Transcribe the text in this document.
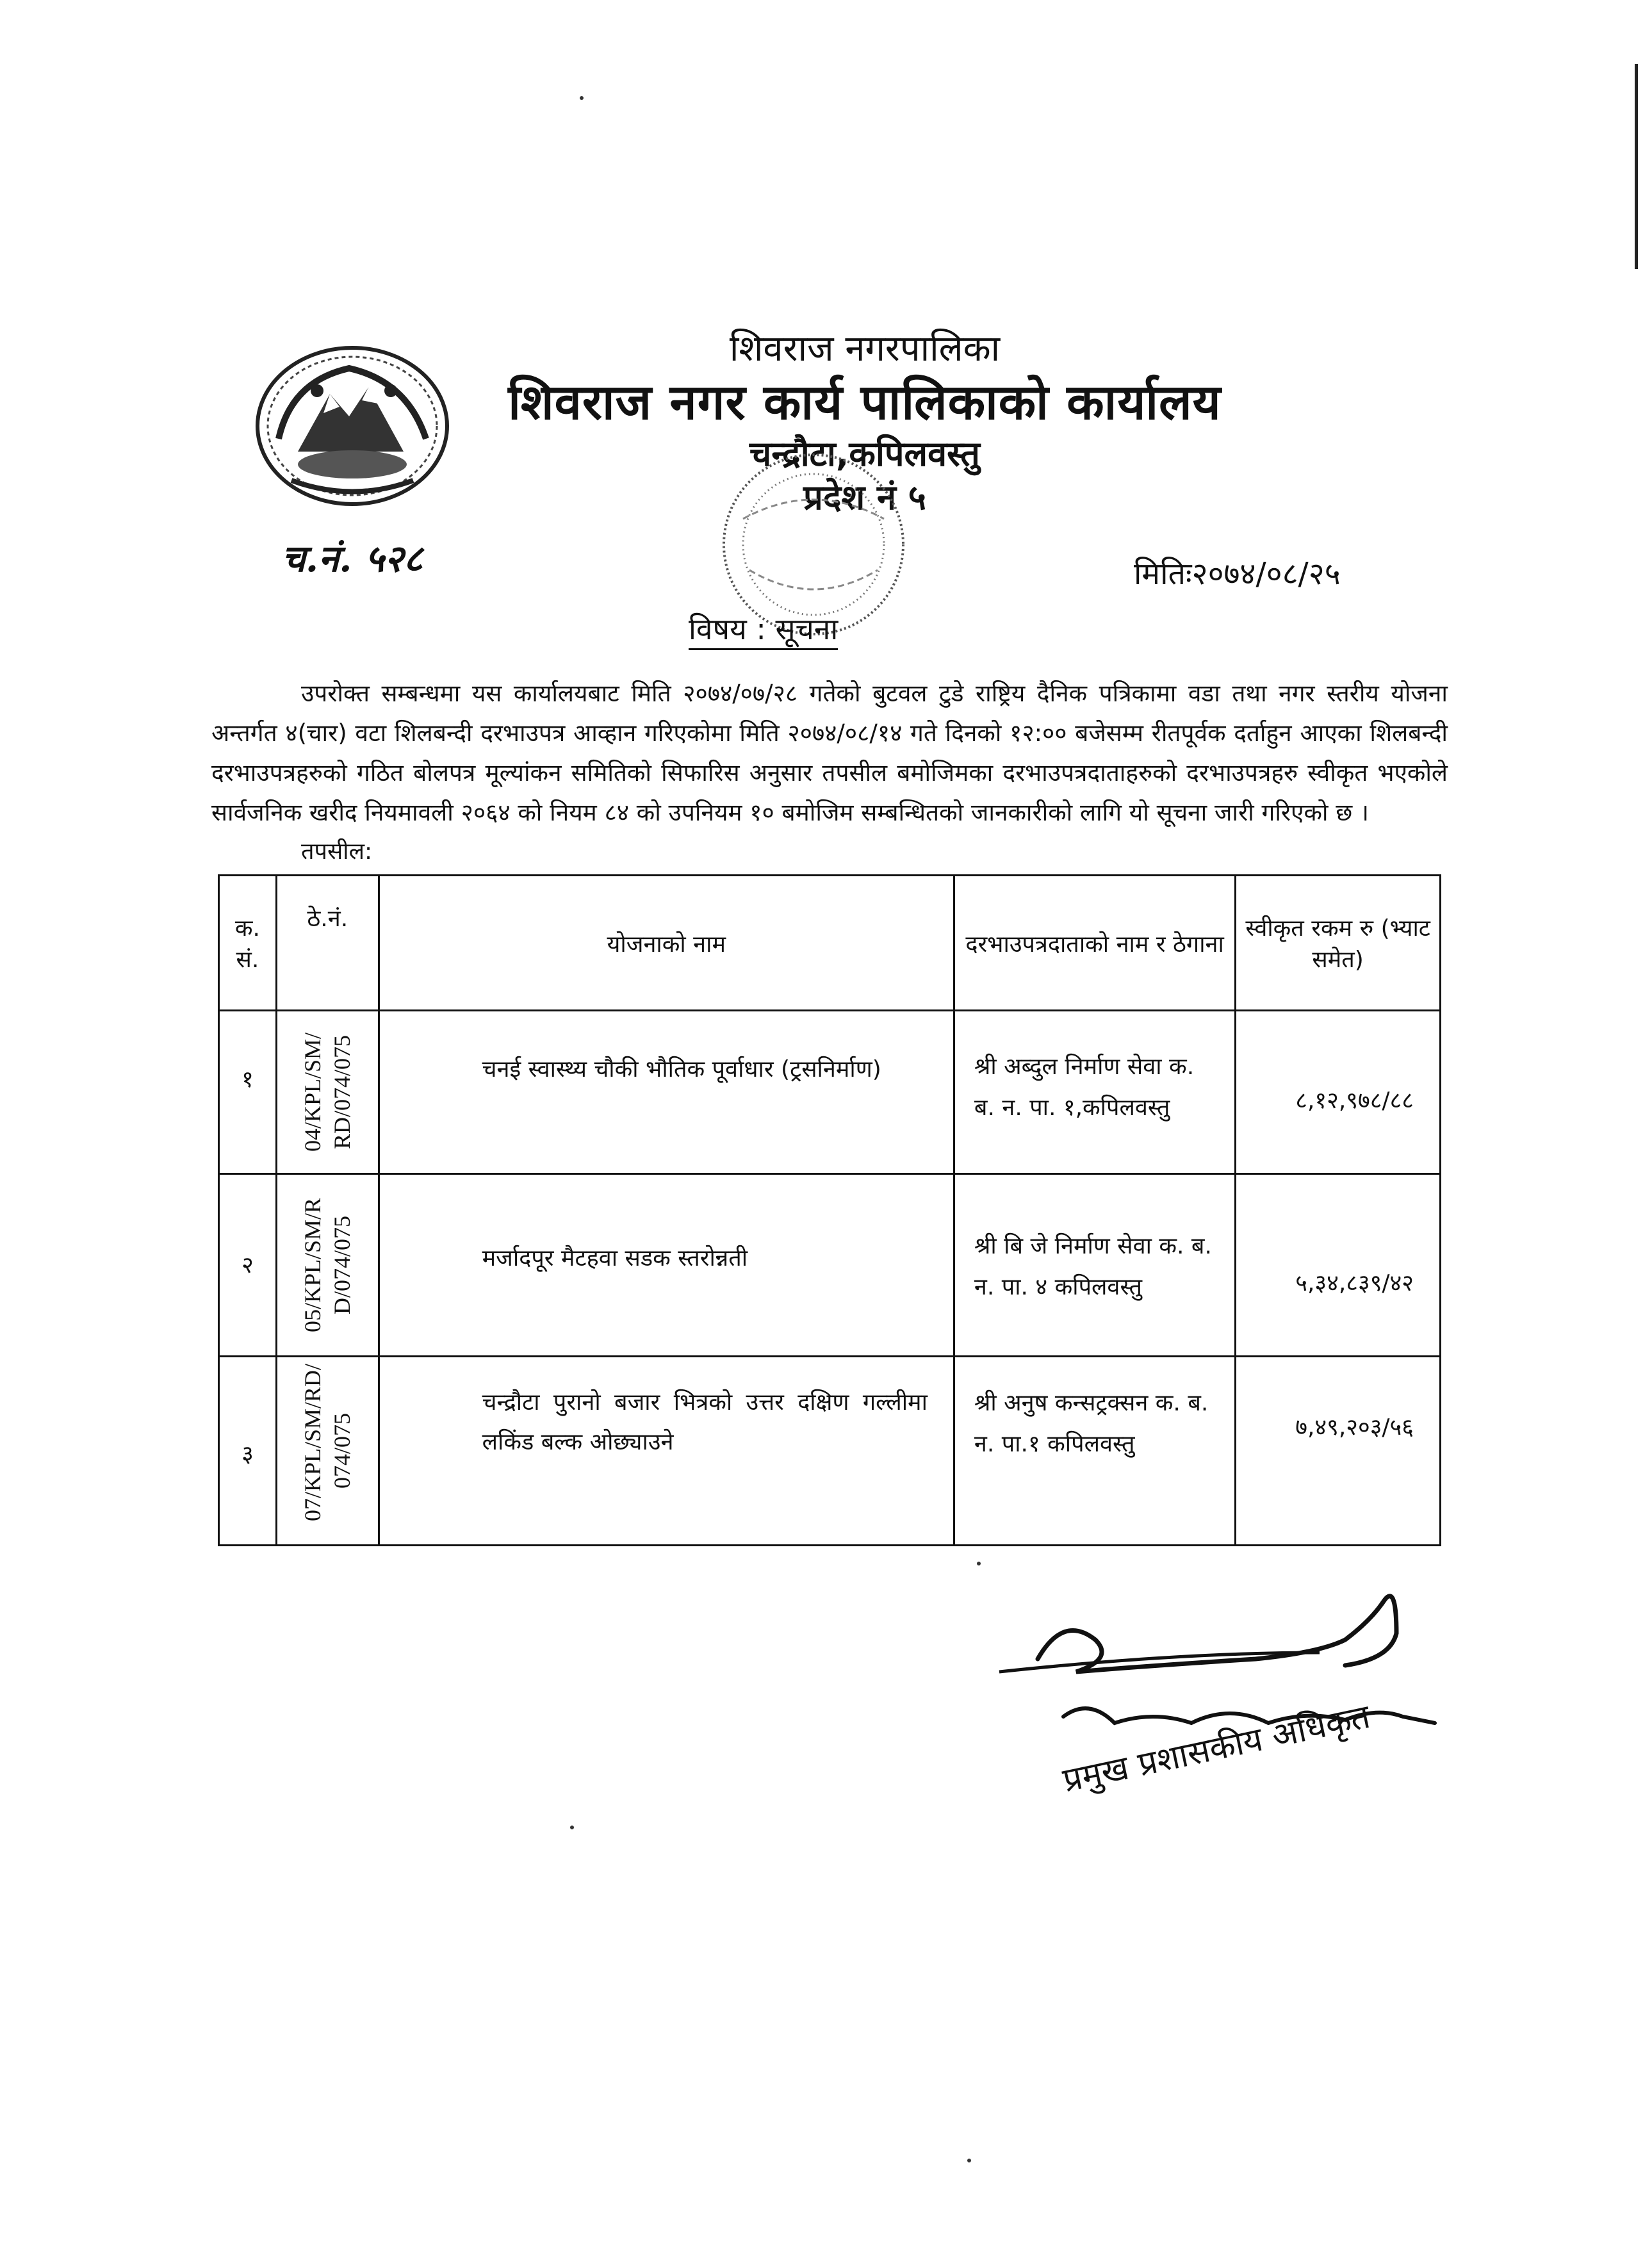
शिवराज नगरपालिका
शिवराज नगर कार्य पालिकाको कार्यालय
चन्द्रौटा,कपिलवस्तु
प्रदेश नं ५
च.नं. ५२८	मितिः२०७४/०८/२५
विषय : सूचना
उपरोक्त सम्बन्धमा यस कार्यालयबाट मिति २०७४/०७/२८ गतेको बुटवल टुडे राष्ट्रिय दैनिक पत्रिकामा वडा तथा नगर स्तरीय योजना अन्तर्गत ४(चार) वटा शिलबन्दी दरभाउपत्र आव्हान गरिएकोमा मिति २०७४/०८/१४ गते दिनको १२:०० बजेसम्म रीतपूर्वक दर्ताहुन आएका शिलबन्दी दरभाउपत्रहरुको गठित बोलपत्र मूल्यांकन समितिको सिफारिस अनुसार तपसील बमोजिमका दरभाउपत्रदाताहरुको दरभाउपत्रहरु स्वीकृत भएकोले सार्वजनिक खरीद नियमावली २०६४ को नियम ८४ को उपनियम १० बमोजिम सम्बन्धितको जानकारीको लागि यो सूचना जारी गरिएको छ ।
तपसील:
क. सं.	ठे.नं.	योजनाको नाम	दरभाउपत्रदाताको नाम र ठेगाना	स्वीकृत रकम रु (भ्याट समेत)
१	04/KPL/SM/ RD/074/075	चनई स्वास्थ्य चौकी भौतिक पूर्वाधार (ट्रसनिर्माण)	श्री अब्दुल निर्माण सेवा क. ब. न. पा. १,कपिलवस्तु	८,१२,९७८/८८

२	05/KPL/SM/R D/074/075	मर्जादपूर मैटहवा सडक स्तरोन्नती	श्री बि जे निर्माण सेवा क. ब. न. पा. ४ कपिलवस्तु	५,३४,८३९/४२

३	07/KPL/SM/RD/ 074/075	चन्द्रौटा पुरानो बजार भित्रको उत्तर दक्षिण गल्लीमा लकिंड बल्क ओछ्याउने	श्री अनुष कन्सट्रक्सन क. ब. न. पा.१ कपिलवस्तु	७,४९,२०३/५६
प्रमुख प्रशासकीय अधिकृत
